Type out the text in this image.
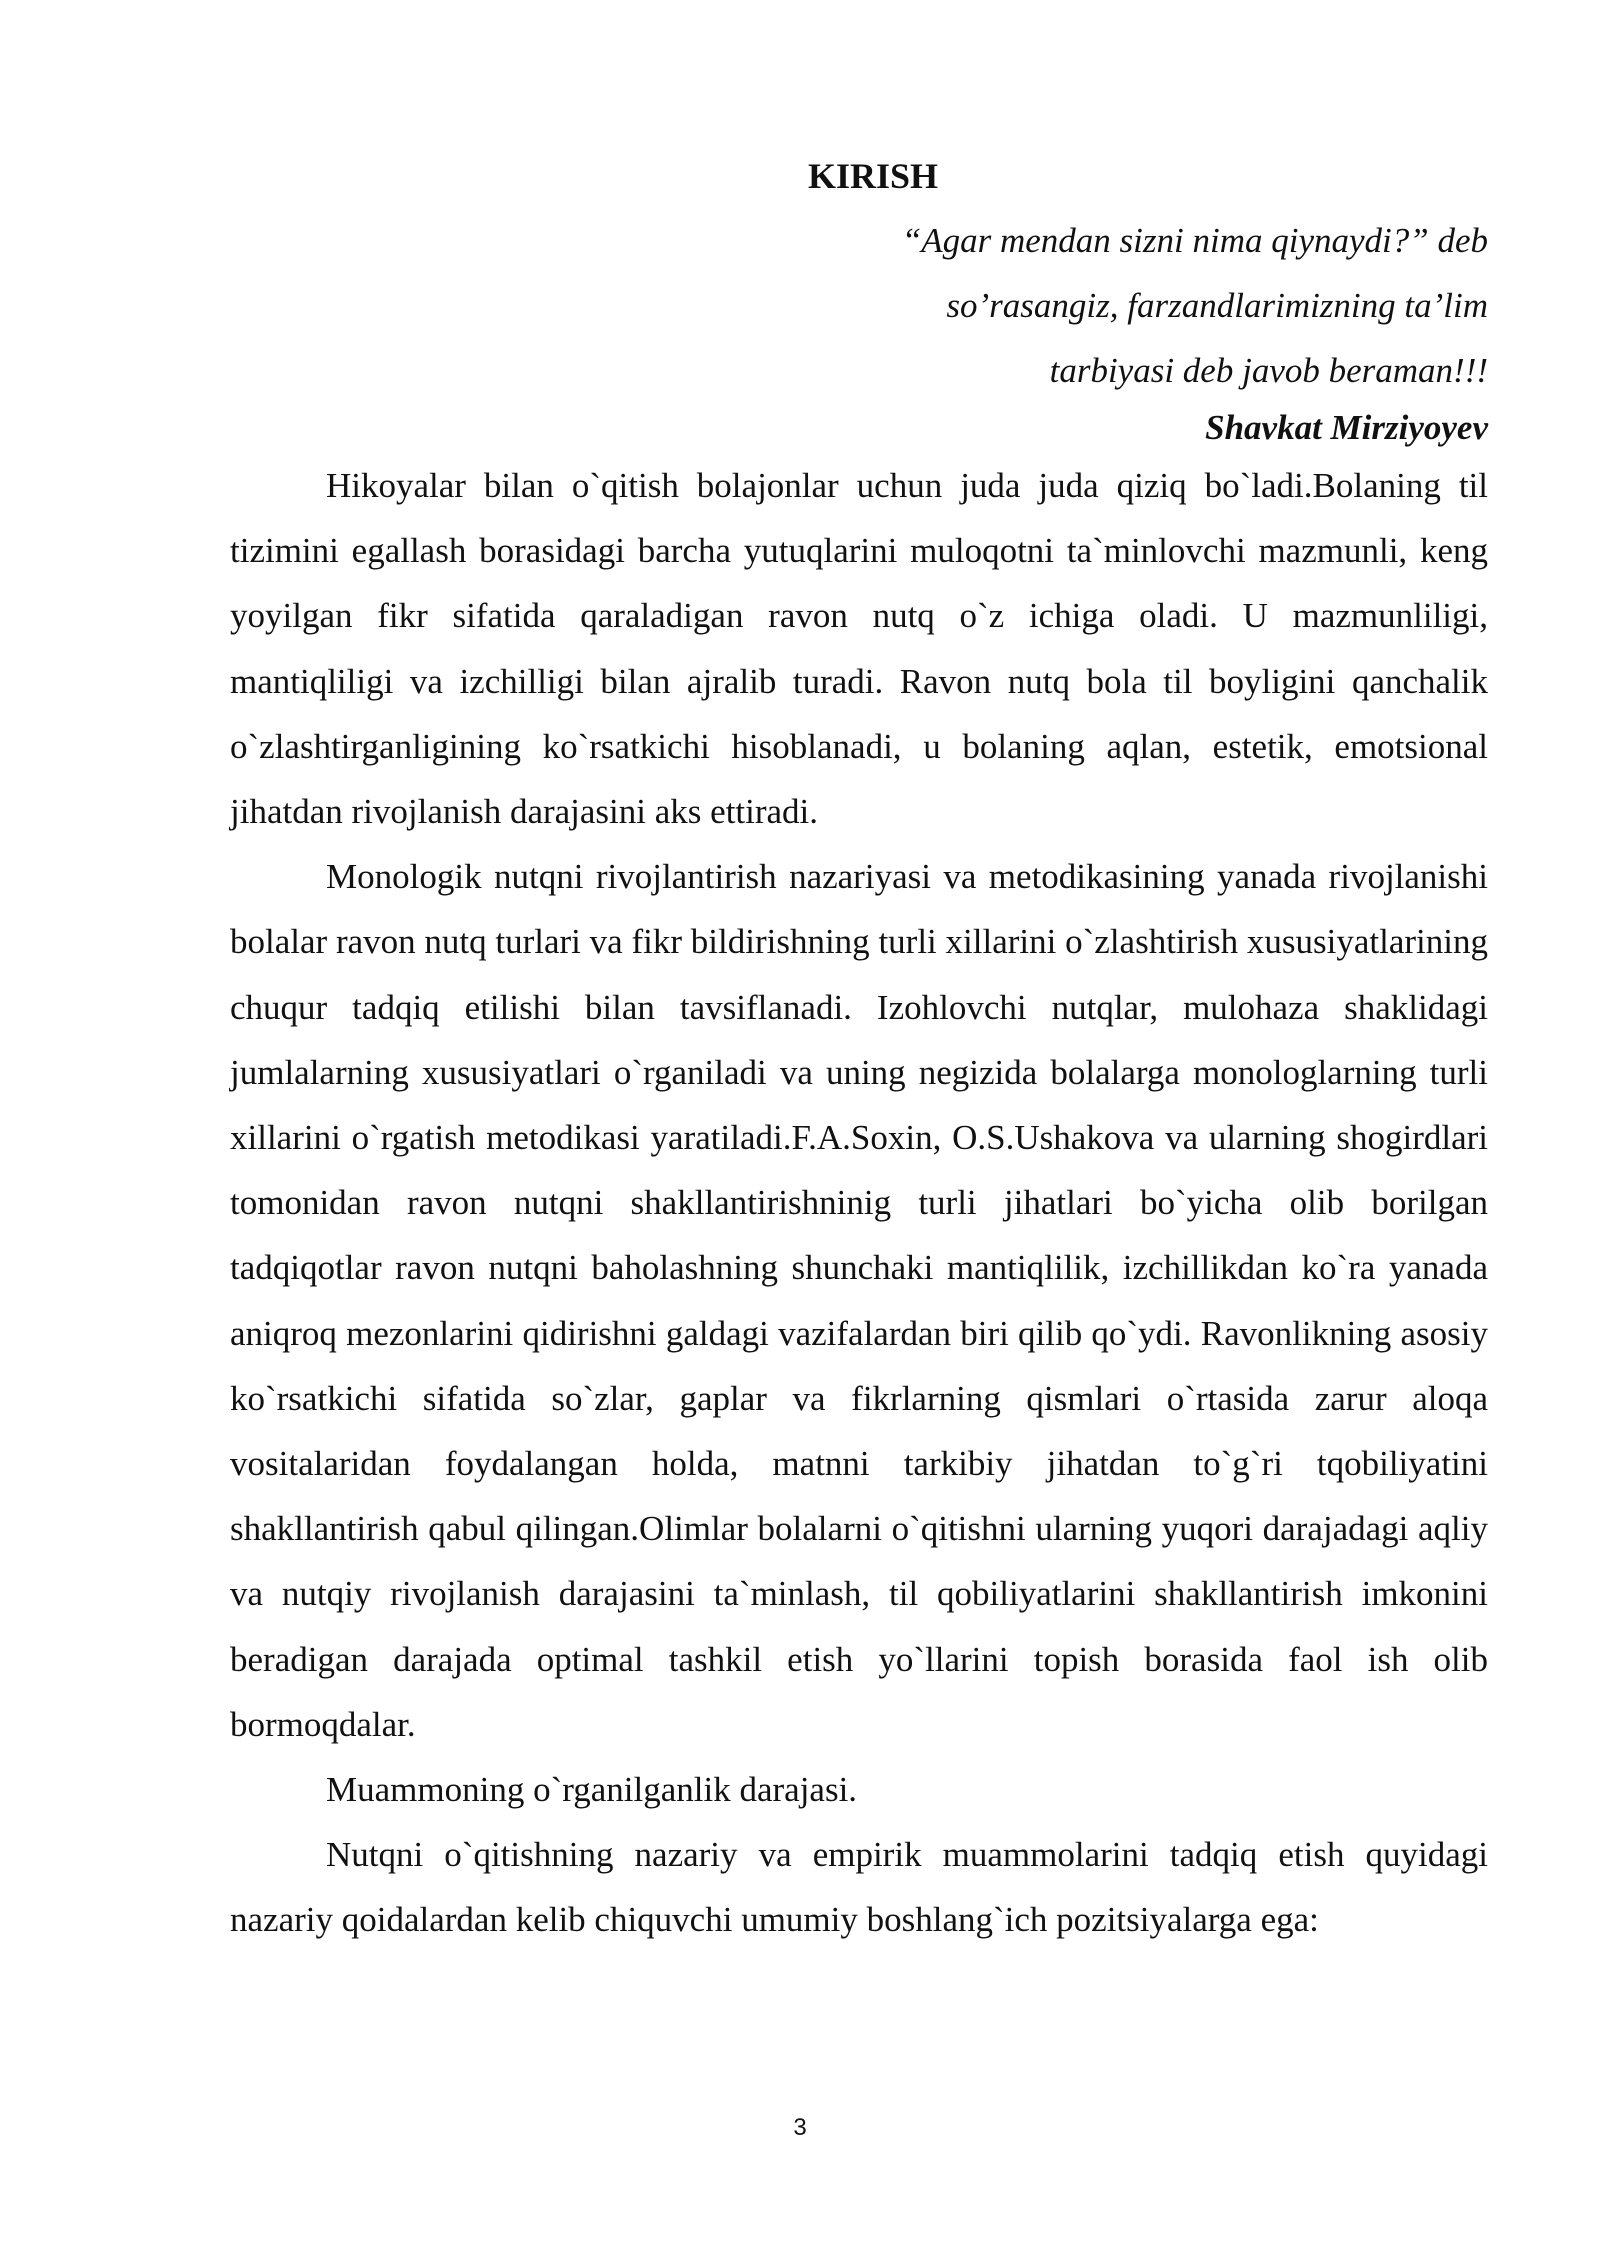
KIRISH
“Agar mendan sizni nima qiynaydi?” deb
so’rasangiz, farzandlarimizning ta’lim
tarbiyasi deb javob beraman!!!

Shavkat Mirziyoyev

Hikoyalar bilan o`qitish bolajonlar uchun juda juda qiziq bo`ladi.Bolaning til tizimini egallash borasidagi barcha yutuqlarini muloqotni ta`minlovchi mazmunli, keng yoyilgan fikr sifatida qaraladigan ravon nutq o`z ichiga oladi. U mazmunliligi, mantiqliligi va izchilligi bilan ajralib turadi. Ravon nutq bola til boyligini qanchalik o`zlashtirganligining ko`rsatkichi hisoblanadi, u bolaning aqlan, estetik, emotsional jihatdan rivojlanish darajasini aks ettiradi.

Monologik nutqni rivojlantirish nazariyasi va metodikasining yanada rivojlanishi bolalar ravon nutq turlari va fikr bildirishning turli xillarini o`zlashtirish xususiyatlarining chuqur tadqiq etilishi bilan tavsiflanadi. Izohlovchi nutqlar, mulohaza shaklidagi jumlalarning xususiyatlari o`rganiladi va uning negizida bolalarga monologlarning turli xillarini o`rgatish metodikasi yaratiladi.F.A.Soxin, O.S.Ushakova va ularning shogirdlari tomonidan ravon nutqni shakllantirishninig turli jihatlari bo`yicha olib borilgan tadqiqotlar ravon nutqni baholashning shunchaki mantiqlilik, izchillikdan ko`ra yanada aniqroq mezonlarini qidirishni galdagi vazifalardan biri qilib qo`ydi. Ravonlikning asosiy ko`rsatkichi sifatida so`zlar, gaplar va fikrlarning qismlari o`rtasida zarur aloqa vositalaridan foydalangan holda, matnni tarkibiy jihatdan to`g`ri tqobiliyatini shakllantirish qabul qilingan.Olimlar bolalarni o`qitishni ularning yuqori darajadagi aqliy va nutqiy rivojlanish darajasini ta`minlash, til qobiliyatlarini shakllantirish imkonini beradigan darajada optimal tashkil etish yo`llarini topish borasida faol ish olib bormoqdalar.

Muammoning o`rganilganlik darajasi.

Nutqni o`qitishning nazariy va empirik muammolarini tadqiq etish quyidagi nazariy qoidalardan kelib chiquvchi umumiy boshlang`ich pozitsiyalarga ega:

3
